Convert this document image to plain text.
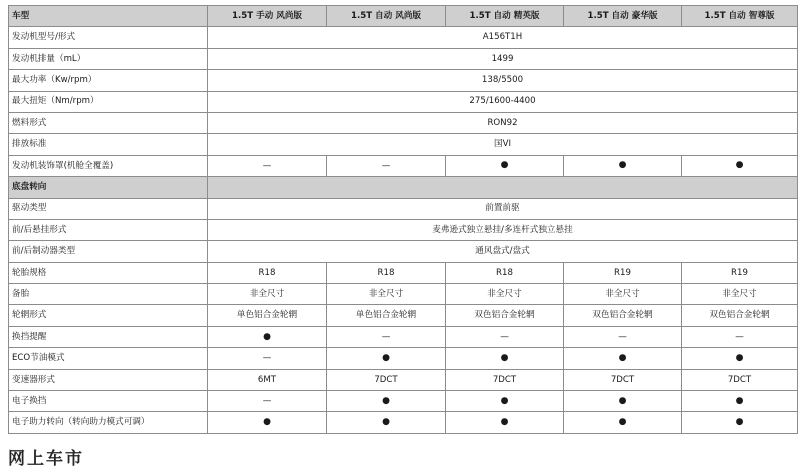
车型	1.5T 手动 风尚版	1.5T 自动 风尚版	1.5T 自动 精英版	1.5T 自动 豪华版	1.5T 自动 智尊版
发动机型号/形式	A156T1H				
发动机排量（mL）	1499				
最大功率（Kw/rpm）	138/5500				
最大扭矩（Nm/rpm）	275/1600-4400				
燃料形式	RON92				
排放标准	国VI				
发动机装饰罩(机舱全覆盖)	—	—	●	●	●
底盘转向					
驱动类型	前置前驱				
前/后悬挂形式	麦弗逊式独立悬挂/多连杆式独立悬挂				
前/后制动器类型	通风盘式/盘式				
轮胎规格	R18	R18	R18	R19	R19
备胎	非全尺寸	非全尺寸	非全尺寸	非全尺寸	非全尺寸
轮辋形式	单色铝合金轮辋	单色铝合金轮辋	双色铝合金轮辋	双色铝合金轮辋	双色铝合金轮辋
换挡提醒	●	—	—	—	—
ECO节油模式	—	●	●	●	●
变速器形式	6MT	7DCT	7DCT	7DCT	7DCT
电子换挡	—	●	●	●	●
电子助力转向（转向助力模式可调）	●	●	●	●	●
网上车市
